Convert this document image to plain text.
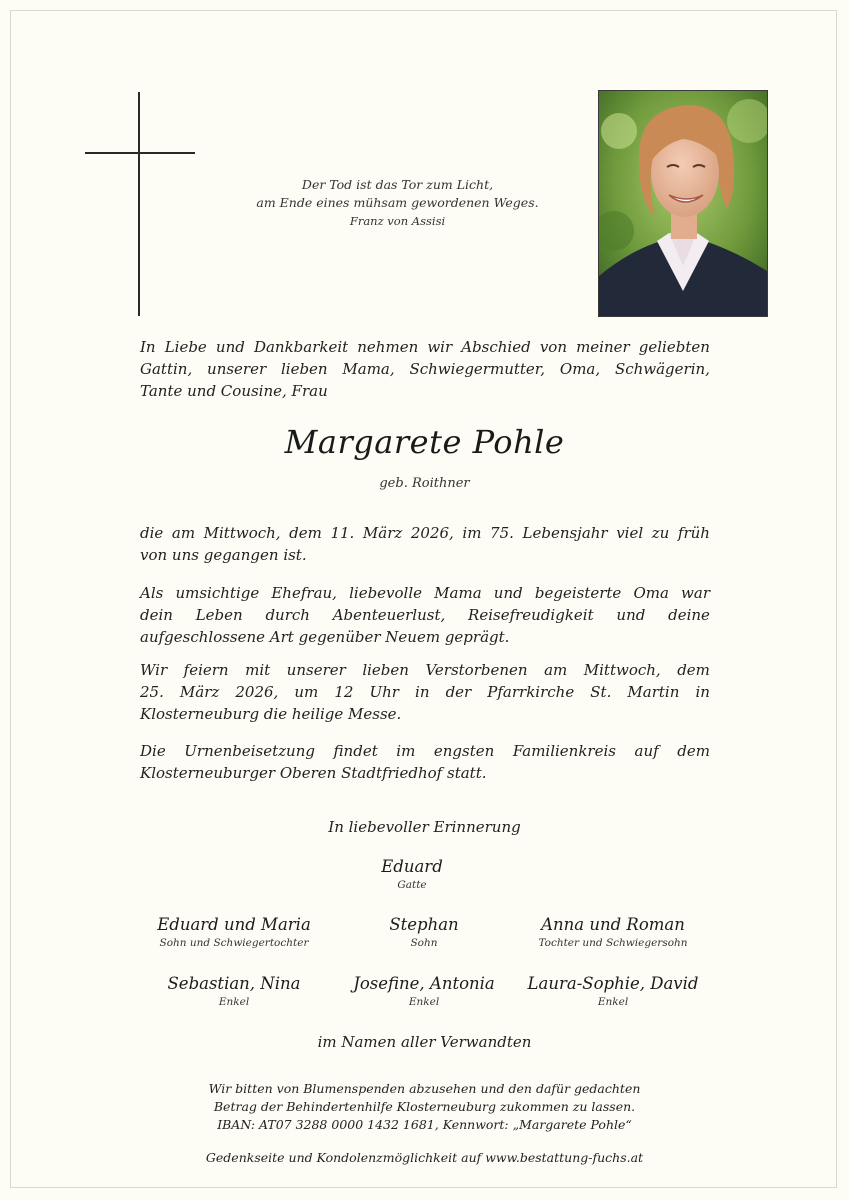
Der Tod ist das Tor zum Licht,
am Ende eines mühsam gewordenen Weges.
Franz von Assisi
In Liebe und Dankbarkeit nehmen wir Abschied von meiner geliebten
Gattin, unserer lieben Mama, Schwiegermutter, Oma, Schwägerin,
Tante und Cousine, Frau
Margarete Pohle
geb. Roithner
die am Mittwoch, dem 11. März 2026, im 75. Lebensjahr viel zu früh
von uns gegangen ist.
Als umsichtige Ehefrau, liebevolle Mama und begeisterte Oma war
dein Leben durch Abenteuerlust, Reisefreudigkeit und deine
aufgeschlossene Art gegenüber Neuem geprägt.
Wir feiern mit unserer lieben Verstorbenen am Mittwoch, dem
25. März 2026, um 12 Uhr in der Pfarrkirche St. Martin in
Klosterneuburg die heilige Messe.
Die Urnenbeisetzung findet im engsten Familienkreis auf dem
Klosterneuburger Oberen Stadtfriedhof statt.
In liebevoller Erinnerung
Eduard
Gatte
Eduard und Maria
Sohn und Schwiegertochter
Stephan
Sohn
Anna und Roman
Tochter und Schwiegersohn
Sebastian, Nina
Enkel
Josefine, Antonia
Enkel
Laura-Sophie, David
Enkel
im Namen aller Verwandten
Wir bitten von Blumenspenden abzusehen und den dafür gedachten
Betrag der Behindertenhilfe Klosterneuburg zukommen zu lassen.
IBAN: AT07 3288 0000 1432 1681, Kennwort: „Margarete Pohle“
Gedenkseite und Kondolenzmöglichkeit auf www.bestattung-fuchs.at
